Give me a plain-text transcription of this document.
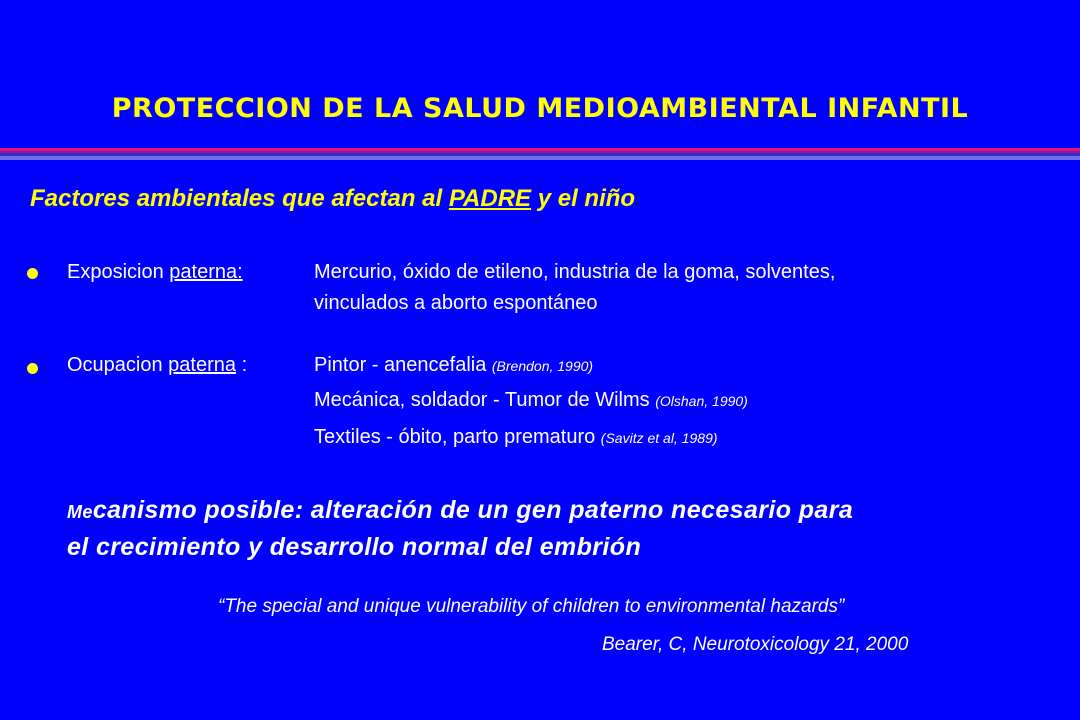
PROTECCION DE LA SALUD MEDIOAMBIENTAL INFANTIL
Factores ambientales que afectan al PADRE y el niño
Exposicion paterna:	Mercurio, óxido de etileno, industria de la goma, solventes,
vinculados a aborto espontáneo
Ocupacion paterna :	Pintor - anencefalia (Brendon, 1990)
Mecánica, soldador - Tumor de Wilms (Olshan, 1990)
Textiles - óbito, parto prematuro (Savitz et al, 1989)
Mecanismo posible: alteración de un gen paterno necesario para
el crecimiento y desarrollo normal del embrión
“The special and unique vulnerability of children to environmental hazards”
Bearer, C, Neurotoxicology 21, 2000
